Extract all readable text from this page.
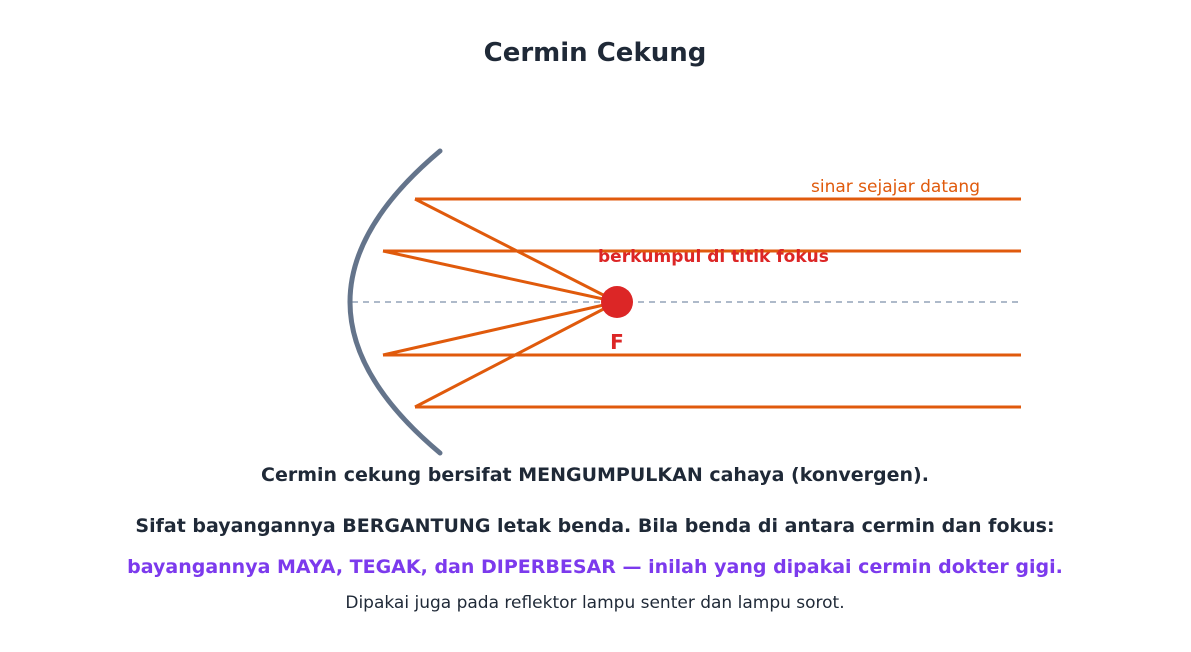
Cermin Cekung
sinar sejajar datang
berkumpul di titik fokus
F
Cermin cekung bersifat MENGUMPULKAN cahaya (konvergen).
Sifat bayangannya BERGANTUNG letak benda. Bila benda di antara cermin dan fokus:
bayangannya MAYA, TEGAK, dan DIPERBESAR — inilah yang dipakai cermin dokter gigi.
Dipakai juga pada reflektor lampu senter dan lampu sorot.
